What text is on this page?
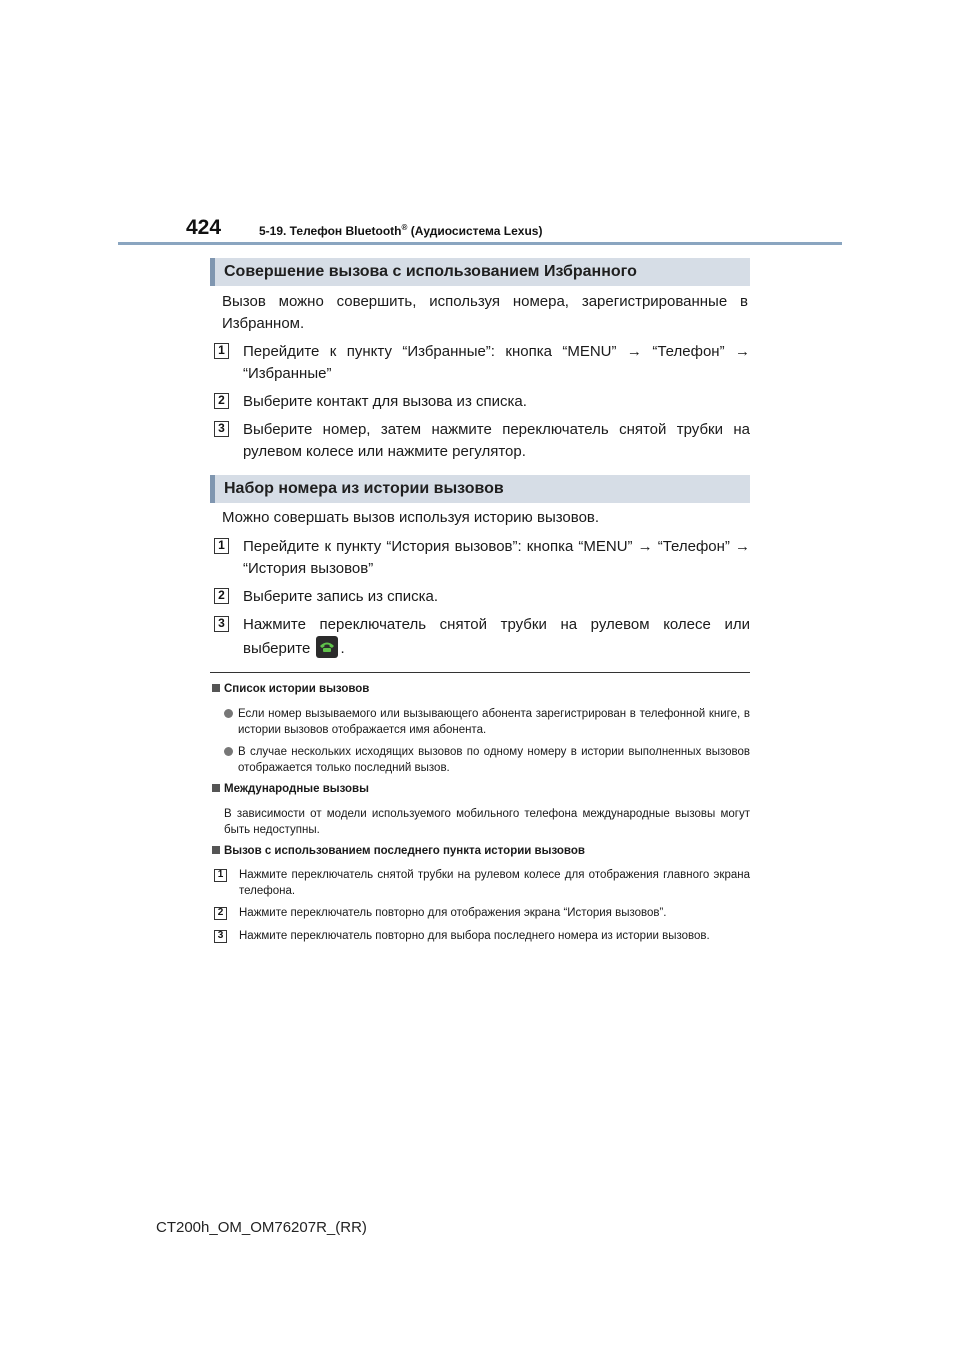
424	5-19. Телефон Bluetooth® (Аудиосистема Lexus)
Совершение вызова с использованием Избранного
Вызов можно совершить, используя номера, зарегистрированные в Избранном.
1 Перейдите к пункту “Избранные”: кнопка “MENU” → “Телефон” → “Избранные”
2 Выберите контакт для вызова из списка.
3 Выберите номер, затем нажмите переключатель снятой трубки на рулевом колесе или нажмите регулятор.
Набор номера из истории вызовов
Можно совершать вызов используя историю вызовов.
1 Перейдите к пункту “История вызовов”: кнопка “MENU” → “Телефон” → “История вызовов”
2 Выберите запись из списка.
3 Нажмите переключатель снятой трубки на рулевом колесе или выберите .
Список истории вызовов
Если номер вызываемого или вызывающего абонента зарегистрирован в телефонной книге, в истории вызовов отображается имя абонента.
В случае нескольких исходящих вызовов по одному номеру в истории выполненных вызовов отображается только последний вызов.
Международные вызовы
В зависимости от модели используемого мобильного телефона международные вызовы могут быть недоступны.
Вызов с использованием последнего пункта истории вызовов
1	Нажмите переключатель снятой трубки на рулевом колесе для отображения главного экрана телефона.
2	Нажмите переключатель повторно для отображения экрана “История вызовов”.
3	Нажмите переключатель повторно для выбора последнего номера из истории вызовов.
CT200h_OM_OM76207R_(RR)
